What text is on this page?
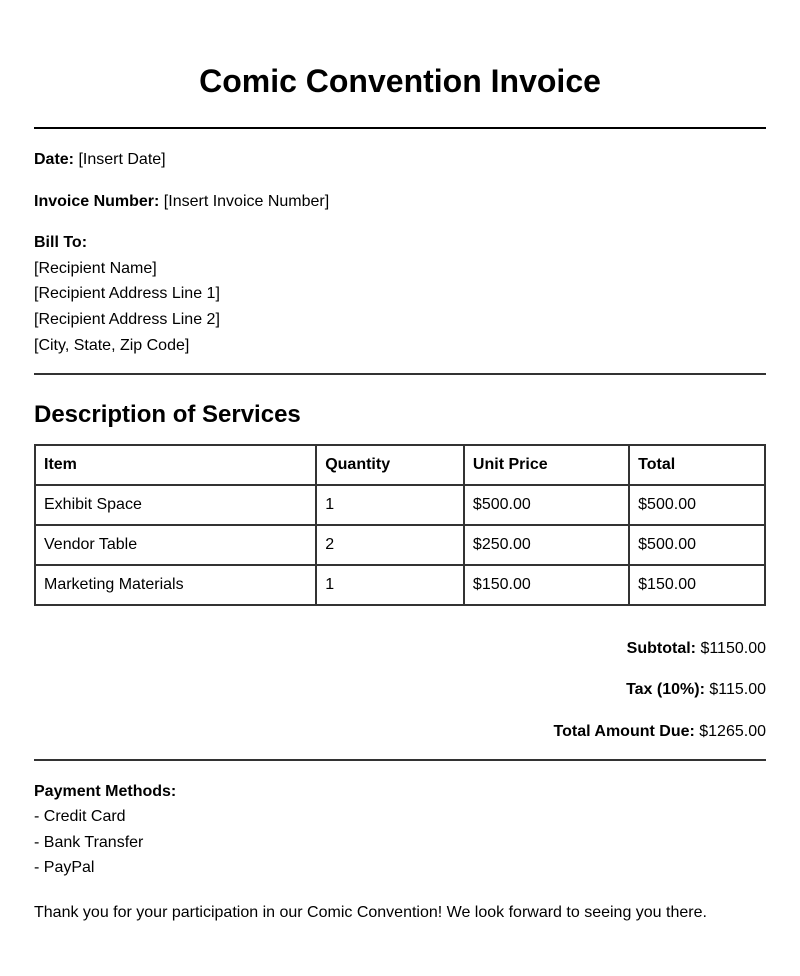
Comic Convention Invoice
Date: [Insert Date]
Invoice Number: [Insert Invoice Number]
Bill To:
[Recipient Name]
[Recipient Address Line 1]
[Recipient Address Line 2]
[City, State, Zip Code]
Description of Services
Item	Quantity	Unit Price	Total
Exhibit Space	1	$500.00	$500.00
Vendor Table	2	$250.00	$500.00
Marketing Materials	1	$150.00	$150.00
Subtotal: $1150.00
Tax (10%): $115.00
Total Amount Due: $1265.00
Payment Methods:
- Credit Card
- Bank Transfer
- PayPal
Thank you for your participation in our Comic Convention! We look forward to seeing you there.
